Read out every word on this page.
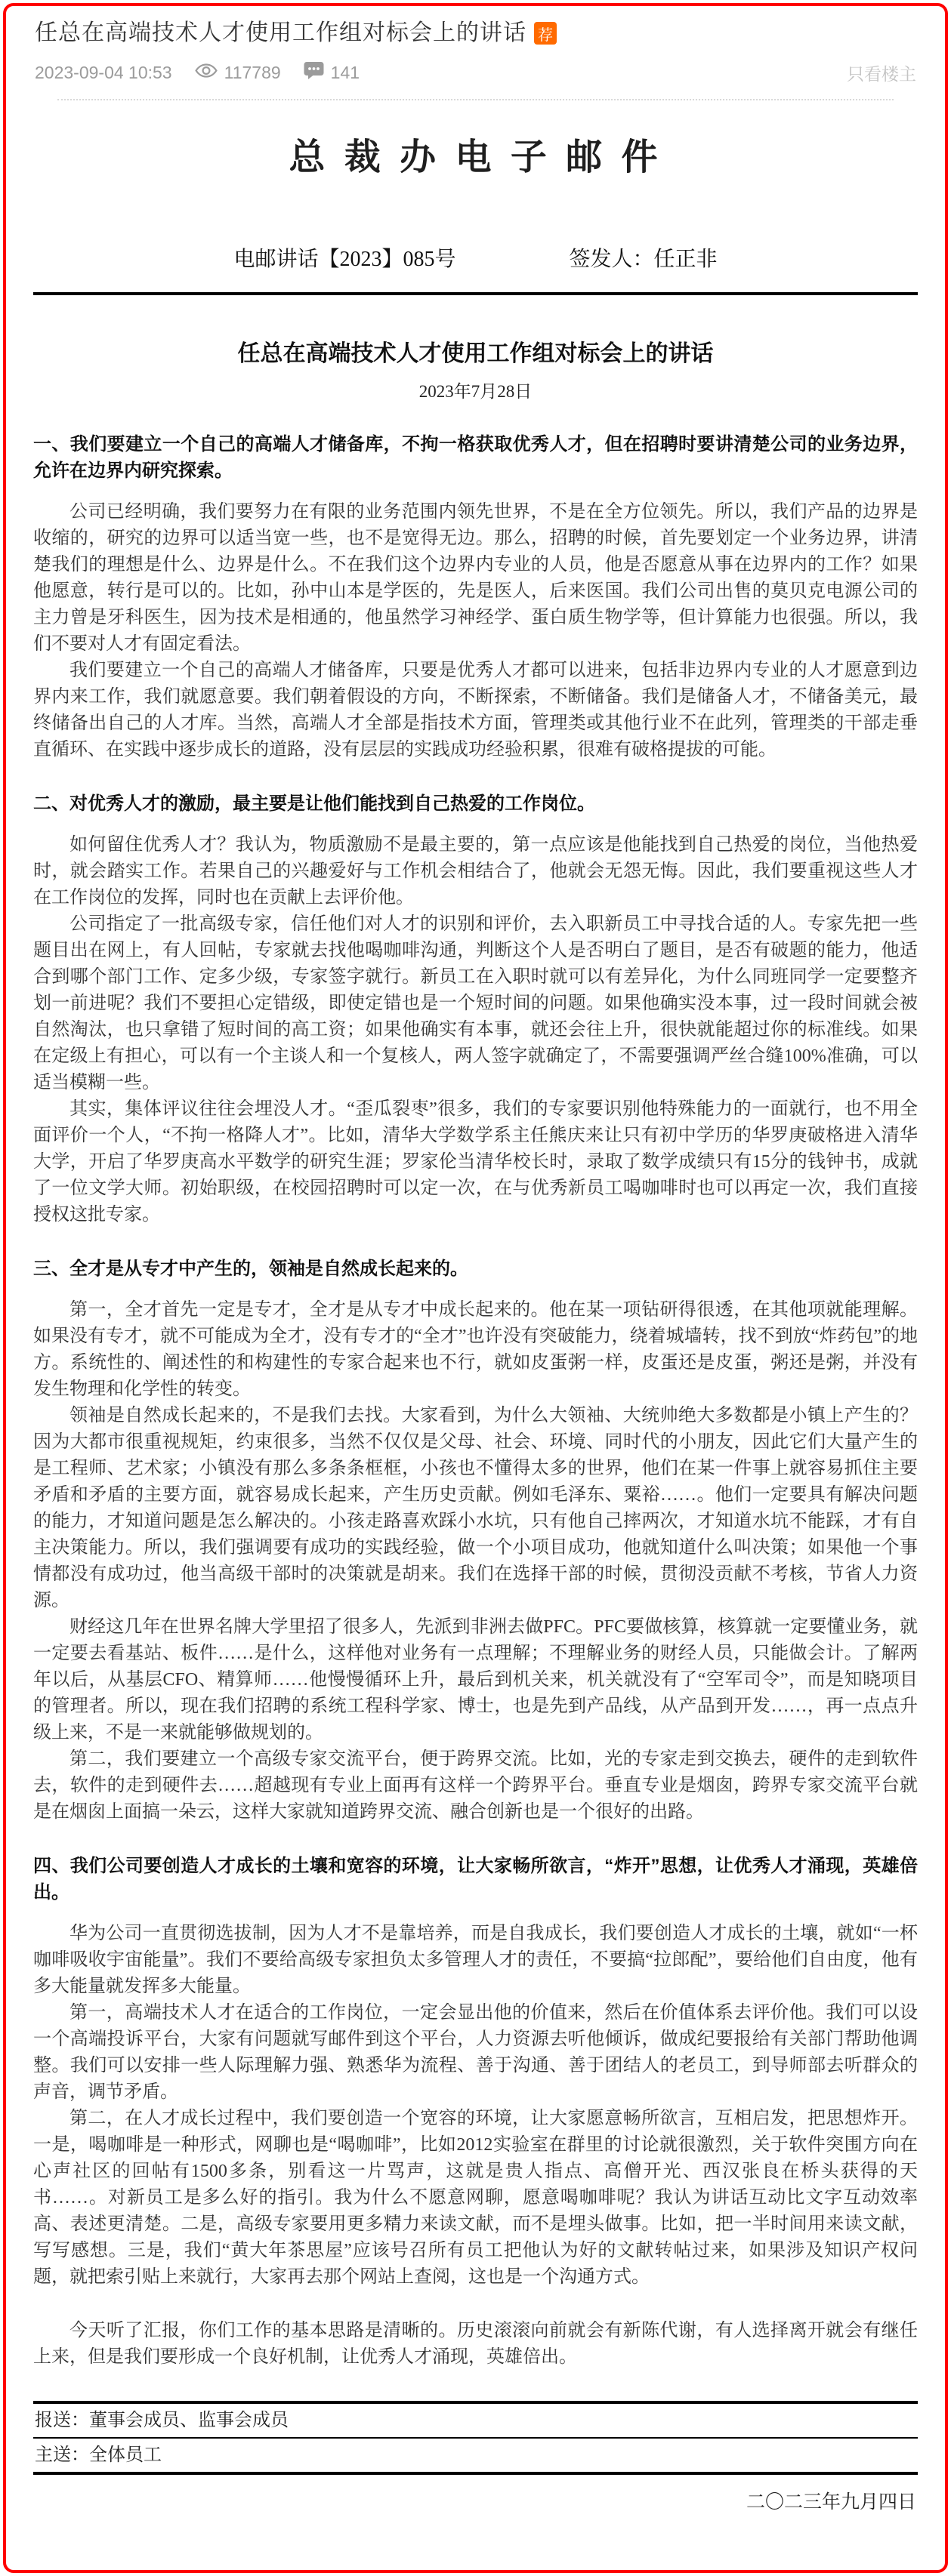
任总在高端技术人才使用工作组对标会上的讲话 荐
2023-09-04 10:53	117789	141	只看楼主
总 裁 办 电 子 邮 件
电邮讲话【2023】085号	签发人：任正非
任总在高端技术人才使用工作组对标会上的讲话
2023年7月28日
一、我们要建立一个自己的高端人才储备库，不拘一格获取优秀人才，但在招聘时要讲清楚公司的业务边界，允许在边界内研究探索。

公司已经明确，我们要努力在有限的业务范围内领先世界，不是在全方位领先。所以，我们产品的边界是收缩的，研究的边界可以适当宽一些，也不是宽得无边。那么，招聘的时候，首先要划定一个业务边界，讲清楚我们的理想是什么、边界是什么。不在我们这个边界内专业的人员，他是否愿意从事在边界内的工作？如果他愿意，转行是可以的。比如，孙中山本是学医的，先是医人，后来医国。我们公司出售的莫贝克电源公司的主力曾是牙科医生，因为技术是相通的，他虽然学习神经学、蛋白质生物学等，但计算能力也很强。所以，我们不要对人才有固定看法。

我们要建立一个自己的高端人才储备库，只要是优秀人才都可以进来，包括非边界内专业的人才愿意到边界内来工作，我们就愿意要。我们朝着假设的方向，不断探索，不断储备。我们是储备人才，不储备美元，最终储备出自己的人才库。当然，高端人才全部是指技术方面，管理类或其他行业不在此列，管理类的干部走垂直循环、在实践中逐步成长的道路，没有层层的实践成功经验积累，很难有破格提拔的可能。

二、对优秀人才的激励，最主要是让他们能找到自己热爱的工作岗位。

如何留住优秀人才？我认为，物质激励不是最主要的，第一点应该是他能找到自己热爱的岗位，当他热爱时，就会踏实工作。若果自己的兴趣爱好与工作机会相结合了，他就会无怨无悔。因此，我们要重视这些人才在工作岗位的发挥，同时也在贡献上去评价他。

公司指定了一批高级专家，信任他们对人才的识别和评价，去入职新员工中寻找合适的人。专家先把一些题目出在网上，有人回帖，专家就去找他喝咖啡沟通，判断这个人是否明白了题目，是否有破题的能力，他适合到哪个部门工作、定多少级，专家签字就行。新员工在入职时就可以有差异化，为什么同班同学一定要整齐划一前进呢？我们不要担心定错级，即使定错也是一个短时间的问题。如果他确实没本事，过一段时间就会被自然淘汰，也只拿错了短时间的高工资；如果他确实有本事，就还会往上升，很快就能超过你的标准线。如果在定级上有担心，可以有一个主谈人和一个复核人，两人签字就确定了，不需要强调严丝合缝100%准确，可以适当模糊一些。

其实，集体评议往往会埋没人才。“歪瓜裂枣”很多，我们的专家要识别他特殊能力的一面就行，也不用全面评价一个人，“不拘一格降人才”。比如，清华大学数学系主任熊庆来让只有初中学历的华罗庚破格进入清华大学，开启了华罗庚高水平数学的研究生涯；罗家伦当清华校长时，录取了数学成绩只有15分的钱钟书，成就了一位文学大师。初始职级，在校园招聘时可以定一次，在与优秀新员工喝咖啡时也可以再定一次，我们直接授权这批专家。

三、全才是从专才中产生的，领袖是自然成长起来的。

第一，全才首先一定是专才，全才是从专才中成长起来的。他在某一项钻研得很透，在其他项就能理解。如果没有专才，就不可能成为全才，没有专才的“全才”也许没有突破能力，绕着城墙转，找不到放“炸药包”的地方。系统性的、阐述性的和构建性的专家合起来也不行，就如皮蛋粥一样，皮蛋还是皮蛋，粥还是粥，并没有发生物理和化学性的转变。

领袖是自然成长起来的，不是我们去找。大家看到，为什么大领袖、大统帅绝大多数都是小镇上产生的？因为大都市很重视规矩，约束很多，当然不仅仅是父母、社会、环境、同时代的小朋友，因此它们大量产生的是工程师、艺术家；小镇没有那么多条条框框，小孩也不懂得太多的世界，他们在某一件事上就容易抓住主要矛盾和矛盾的主要方面，就容易成长起来，产生历史贡献。例如毛泽东、粟裕……。他们一定要具有解决问题的能力，才知道问题是怎么解决的。小孩走路喜欢踩小水坑，只有他自己摔两次，才知道水坑不能踩，才有自主决策能力。所以，我们强调要有成功的实践经验，做一个小项目成功，他就知道什么叫决策；如果他一个事情都没有成功过，他当高级干部时的决策就是胡来。我们在选择干部的时候，贯彻没贡献不考核，节省人力资源。

财经这几年在世界名牌大学里招了很多人，先派到非洲去做PFC。PFC要做核算，核算就一定要懂业务，就一定要去看基站、板件……是什么，这样他对业务有一点理解；不理解业务的财经人员，只能做会计。了解两年以后，从基层CFO、精算师……他慢慢循环上升，最后到机关来，机关就没有了“空军司令”，而是知晓项目的管理者。所以，现在我们招聘的系统工程科学家、博士，也是先到产品线，从产品到开发……，再一点点升级上来，不是一来就能够做规划的。

第二，我们要建立一个高级专家交流平台，便于跨界交流。比如，光的专家走到交换去，硬件的走到软件去，软件的走到硬件去……超越现有专业上面再有这样一个跨界平台。垂直专业是烟囱，跨界专家交流平台就是在烟囱上面搞一朵云，这样大家就知道跨界交流、融合创新也是一个很好的出路。

四、我们公司要创造人才成长的土壤和宽容的环境，让大家畅所欲言，“炸开”思想，让优秀人才涌现，英雄倍出。

华为公司一直贯彻选拔制，因为人才不是靠培养，而是自我成长，我们要创造人才成长的土壤，就如“一杯咖啡吸收宇宙能量”。我们不要给高级专家担负太多管理人才的责任，不要搞“拉郎配”，要给他们自由度，他有多大能量就发挥多大能量。

第一，高端技术人才在适合的工作岗位，一定会显出他的价值来，然后在价值体系去评价他。我们可以设一个高端投诉平台，大家有问题就写邮件到这个平台，人力资源去听他倾诉，做成纪要报给有关部门帮助他调整。我们可以安排一些人际理解力强、熟悉华为流程、善于沟通、善于团结人的老员工，到导师部去听群众的声音，调节矛盾。

第二，在人才成长过程中，我们要创造一个宽容的环境，让大家愿意畅所欲言，互相启发，把思想炸开。一是，喝咖啡是一种形式，网聊也是“喝咖啡”，比如2012实验室在群里的讨论就很激烈，关于软件突围方向在心声社区的回帖有1500多条，别看这一片骂声，这就是贵人指点、高僧开光、西汉张良在桥头获得的天书……。对新员工是多么好的指引。我为什么不愿意网聊，愿意喝咖啡呢？我认为讲话互动比文字互动效率高、表述更清楚。二是，高级专家要用更多精力来读文献，而不是埋头做事。比如，把一半时间用来读文献，写写感想。三是，我们“黄大年茶思屋”应该号召所有员工把他认为好的文献转帖过来，如果涉及知识产权问题，就把索引贴上来就行，大家再去那个网站上查阅，这也是一个沟通方式。

今天听了汇报，你们工作的基本思路是清晰的。历史滚滚向前就会有新陈代谢，有人选择离开就会有继任上来，但是我们要形成一个良好机制，让优秀人才涌现，英雄倍出。

报送：董事会成员、监事会成员
主送：全体员工
二〇二三年九月四日
